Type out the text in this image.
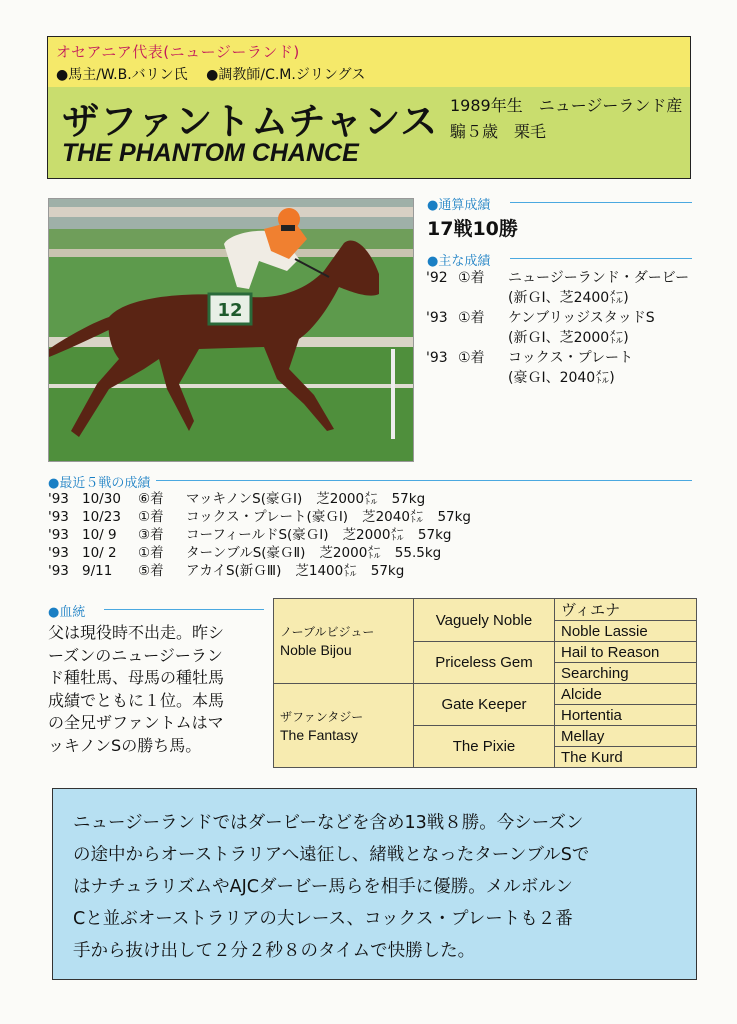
オセアニア代表(ニュージーランド)
●馬主/W.B.バリン氏 ●調教師/C.M.ジリングス
ザファントムチャンス
THE PHANTOM CHANCE
1989年生　ニュージーランド産
騸５歳　栗毛
12
●通算成績
17戦10勝
●主な成績
'92 ①着	ニュージーランド・ダービー
(新ＧⅠ、芝2400㍍)
'93 ①着	ケンブリッジスタッドS
(新ＧⅠ、芝2000㍍)
'93 ①着	コックス・プレート
(豪ＧⅠ、2040㍍)
●最近５戦の成績
'93 10/30	⑥着	マッキノンS(豪ＧⅠ) 芝2000㍍ 57kg
'93 10/23	①着	コックス・プレート(豪ＧⅠ) 芝2040㍍ 57kg
'93 10/ 9	③着	コーフィールドS(豪ＧⅠ) 芝2000㍍ 57kg
'93 10/ 2	①着	ターンブルS(豪ＧⅡ) 芝2000㍍ 55.5kg
'93 9/11	⑤着	アカイS(新ＧⅢ) 芝1400㍍ 57kg
●血統
父は現役時不出走。昨シ
ーズンのニュージーラン
ド種牡馬、母馬の種牡馬
成績でともに１位。本馬
の全兄ザファントムはマ
ッキノンSの勝ち馬。
ノーブルビジュー
Noble Bijou	Vaguely Noble	ヴィエナ
		Noble Lassie
	Priceless Gem	Hail to Reason
		Searching

ザファンタジー
The Fantasy	Gate Keeper	Alcide
		Hortentia
	The Pixie	Mellay
		The Kurd
ニュージーランドではダービーなどを含め13戦８勝。今シーズン
の途中からオーストラリアへ遠征し、緒戦となったターンブルSで
はナチュラリズムやAJCダービー馬らを相手に優勝。メルボルン
Cと並ぶオーストラリアの大レース、コックス・プレートも２番
手から抜け出して２分２秒８のタイムで快勝した。
